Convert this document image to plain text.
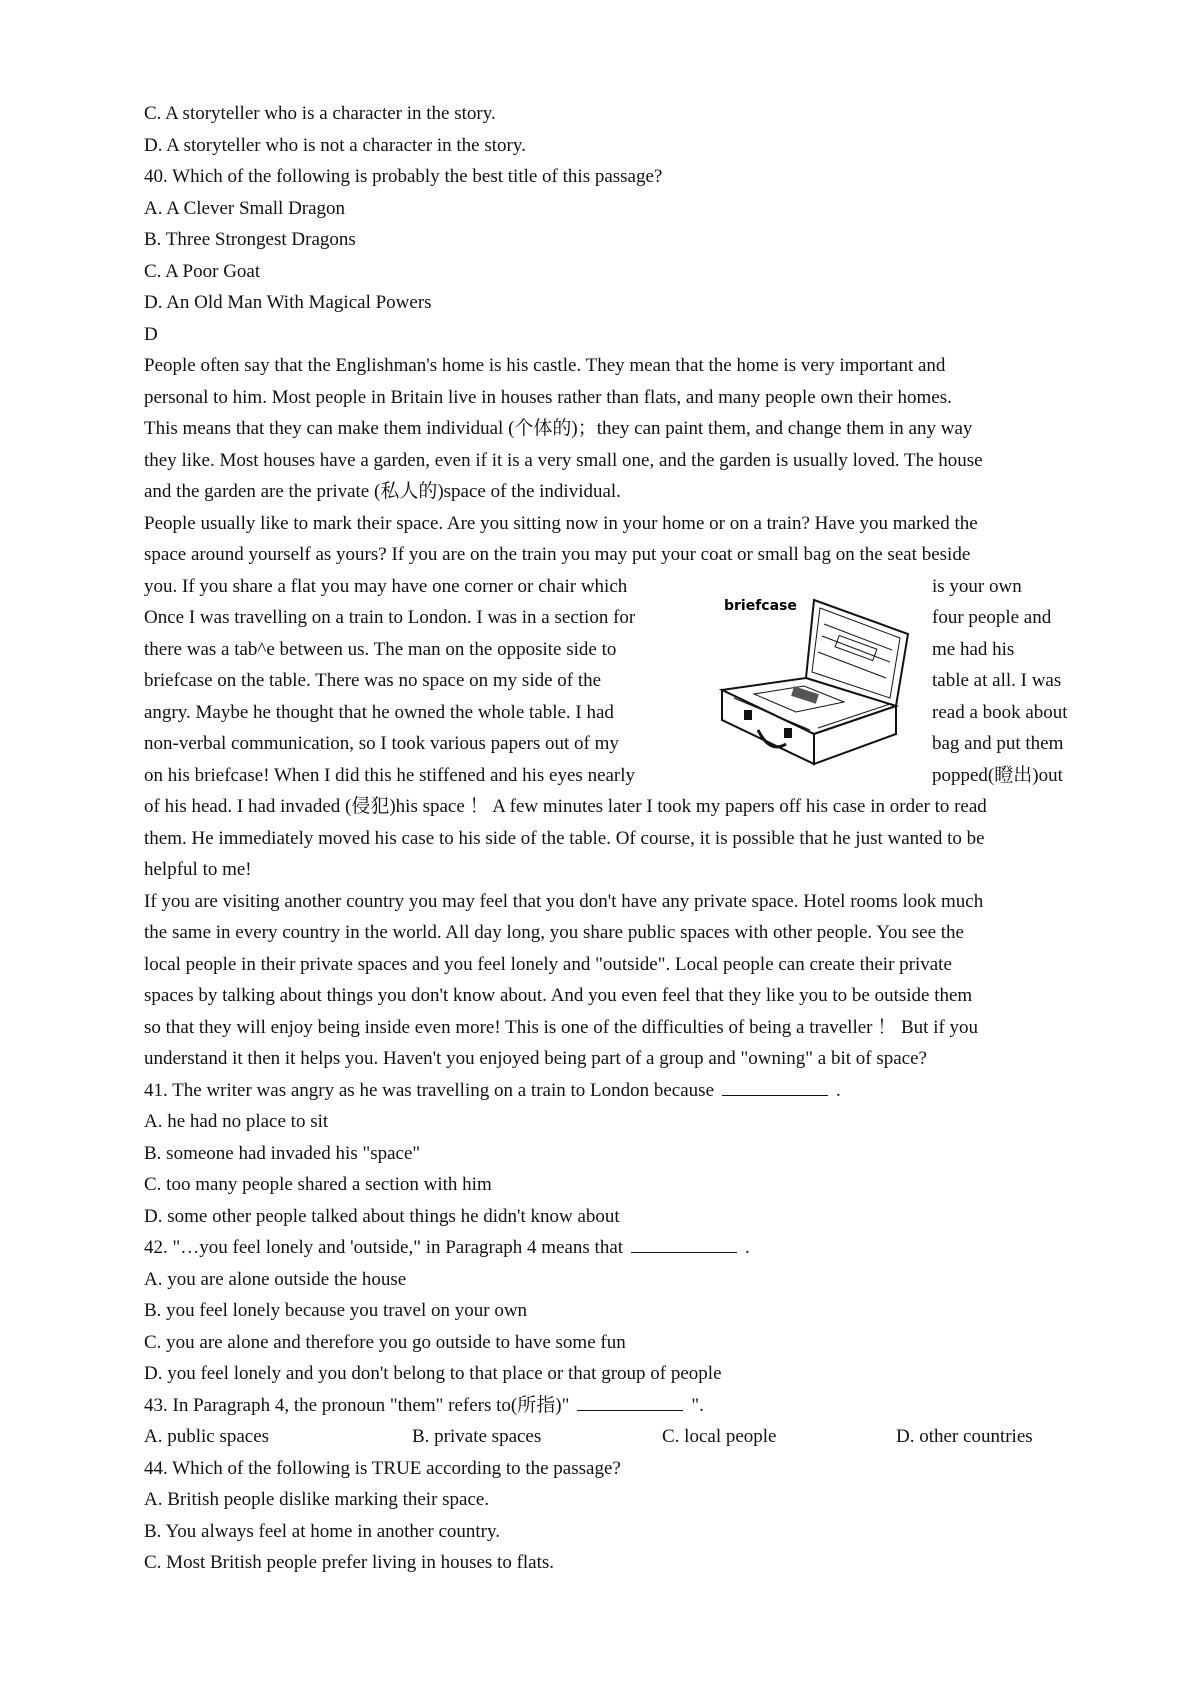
C. A storyteller who is a character in the story.
D. A storyteller who is not a character in the story.
40. Which of the following is probably the best title of this passage?
A. A Clever Small Dragon
B. Three Strongest Dragons
C. A Poor Goat
D. An Old Man With Magical Powers
D
People often say that the Englishman's home is his castle. They mean that the home is very important and
personal to him. Most people in Britain live in houses rather than flats, and many people own their homes.
This means that they can make them individual (个体的)；they can paint them, and change them in any way
they like. Most houses have a garden, even if it is a very small one, and the garden is usually loved. The house
and the garden are the private (私人的)space of the individual.
People usually like to mark their space. Are you sitting now in your home or on a train? Have you marked the
space around yourself as yours? If you are on the train you may put your coat or small bag on the seat beside
you. If you share a flat you may have one corner or chair which	is your own
Once I was travelling on a train to London. I was in a section for	four people and
there was a tab^e between us. The man on the opposite side to	me had his
briefcase on the table. There was no space on my side of the	table at all. I was
angry. Maybe he thought that he owned the whole table. I had	read a book about
non-verbal communication, so I took various papers out of my	bag and put them
on his briefcase! When I did this he stiffened and his eyes nearly	popped(瞪出)out
briefcase
of his head. I had invaded (侵犯)his space ！ A few minutes later I took my papers off his case in order to read
them. He immediately moved his case to his side of the table. Of course, it is possible that he just wanted to be
helpful to me!
If you are visiting another country you may feel that you don't have any private space. Hotel rooms look much
the same in every country in the world. All day long, you share public spaces with other people. You see the
local people in their private spaces and you feel lonely and "outside". Local people can create their private
spaces by talking about things you don't know about. And you even feel that they like you to be outside them
so that they will enjoy being inside even more! This is one of the difficulties of being a traveller ！ But if you
understand it then it helps you. Haven't you enjoyed being part of a group and "owning" a bit of space?
41. The writer was angry as he was travelling on a train to London because	.
A. he had no place to sit
B. someone had invaded his "space"
C. too many people shared a section with him
D. some other people talked about things he didn't know about
42. "…you feel lonely and 'outside," in Paragraph 4 means that	.
A. you are alone outside the house
B. you feel lonely because you travel on your own
C. you are alone and therefore you go outside to have some fun
D. you feel lonely and you don't belong to that place or that group of people
43. In Paragraph 4, the pronoun "them" refers to(所指)"	".
A. public spaces	B. private spaces	C. local people	D. other countries
44. Which of the following is TRUE according to the passage?
A. British people dislike marking their space.
B. You always feel at home in another country.
C. Most British people prefer living in houses to flats.
